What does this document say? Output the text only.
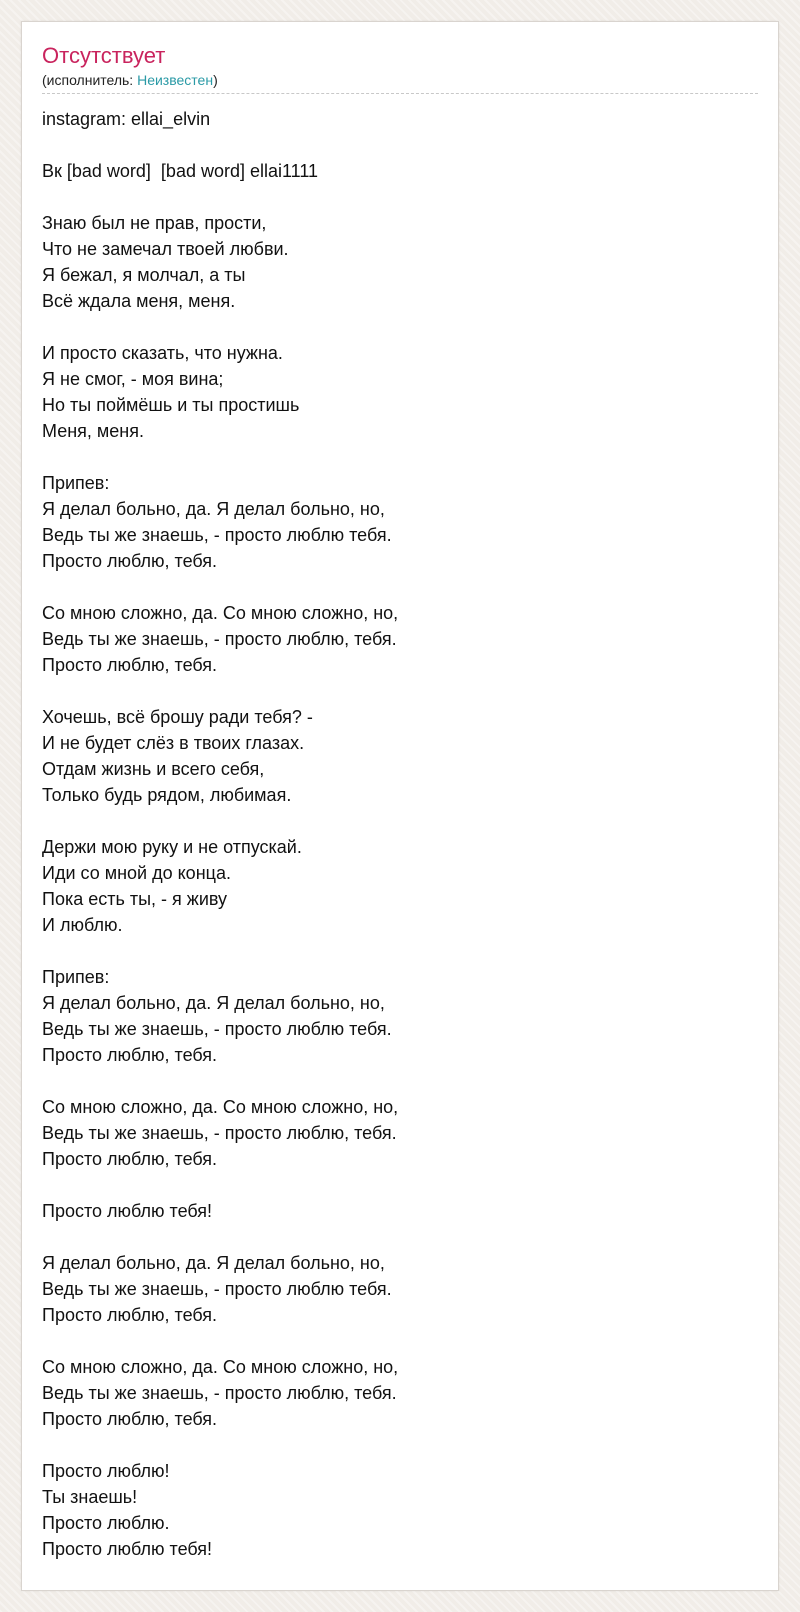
Отсутствует
(исполнитель: Неизвестен)
instagram: ellai_elvin
Вк [bad word]  [bad word] ellai1111
Знаю был не прав, прости,
Что не замечал твоей любви.
Я бежал, я молчал, а ты
Всё ждала меня, меня.
И просто сказать, что нужна.
Я не смог, - моя вина;
Но ты поймёшь и ты простишь
Меня, меня.
Припев:
Я делал больно, да. Я делал больно, но,
Ведь ты же знаешь, - просто люблю тебя.
Просто люблю, тебя.
Со мною сложно, да. Со мною сложно, но,
Ведь ты же знаешь, - просто люблю, тебя.
Просто люблю, тебя.
Хочешь, всё брошу ради тебя? -
И не будет слёз в твоих глазах.
Отдам жизнь и всего себя,
Только будь рядом, любимая.
Держи мою руку и не отпускай.
Иди со мной до конца.
Пока есть ты, - я живу
И люблю.
Припев:
Я делал больно, да. Я делал больно, но,
Ведь ты же знаешь, - просто люблю тебя.
Просто люблю, тебя.
Со мною сложно, да. Со мною сложно, но,
Ведь ты же знаешь, - просто люблю, тебя.
Просто люблю, тебя.
Просто люблю тебя!
Я делал больно, да. Я делал больно, но,
Ведь ты же знаешь, - просто люблю тебя.
Просто люблю, тебя.
Со мною сложно, да. Со мною сложно, но,
Ведь ты же знаешь, - просто люблю, тебя.
Просто люблю, тебя.
Просто люблю!
Ты знаешь!
Просто люблю.
Просто люблю тебя!
